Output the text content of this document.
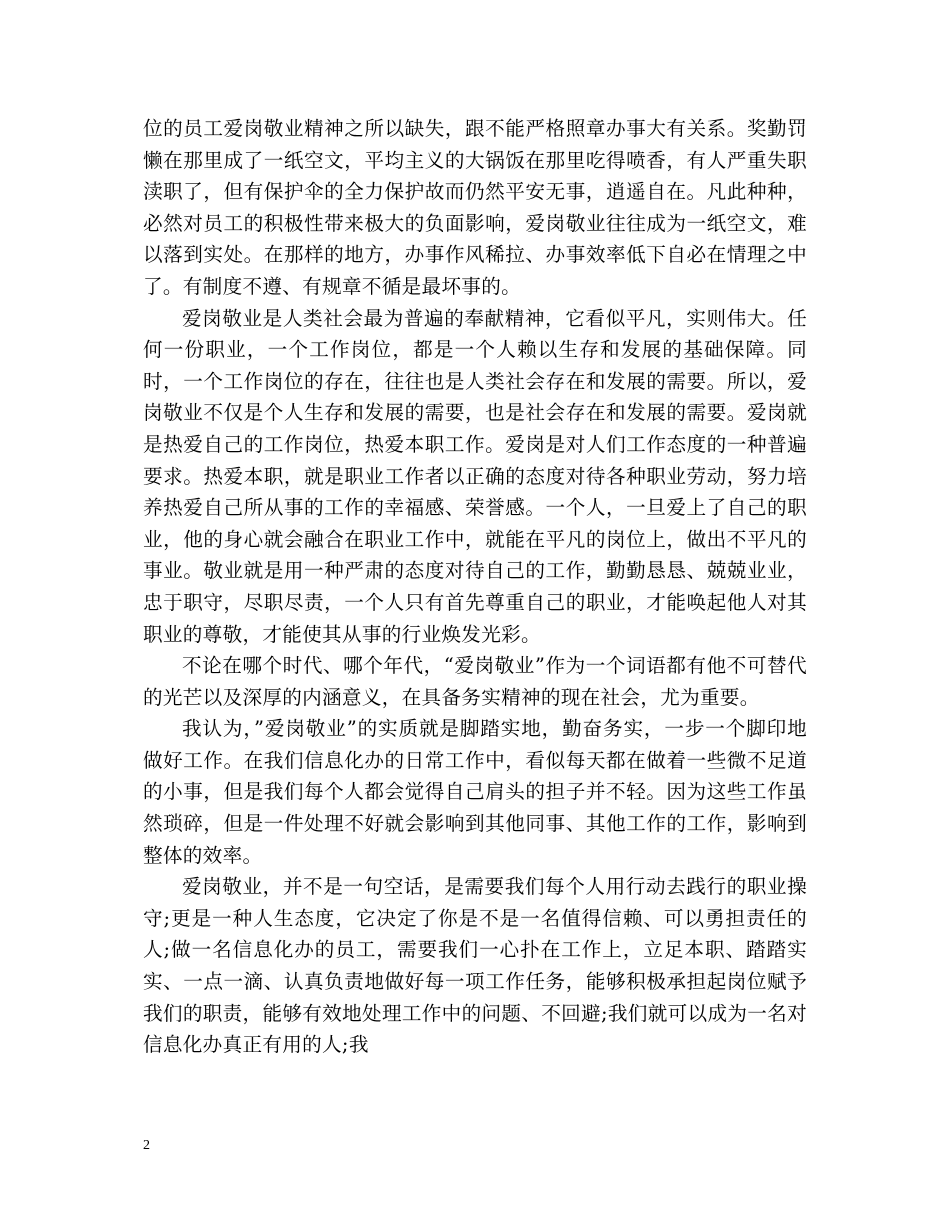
位的员工爱岗敬业精神之所以缺失，跟不能严格照章办事大有关系。奖勤罚懒在那里成了一纸空文，平均主义的大锅饭在那里吃得喷香，有人严重失职渎职了，但有保护伞的全力保护故而仍然平安无事，逍遥自在。凡此种种，必然对员工的积极性带来极大的负面影响，爱岗敬业往往成为一纸空文，难以落到实处。在那样的地方，办事作风稀拉、办事效率低下自必在情理之中了。有制度不遵、有规章不循是最坏事的。

爱岗敬业是人类社会最为普遍的奉献精神，它看似平凡，实则伟大。任何一份职业，一个工作岗位，都是一个人赖以生存和发展的基础保障。同时，一个工作岗位的存在，往往也是人类社会存在和发展的需要。所以，爱岗敬业不仅是个人生存和发展的需要，也是社会存在和发展的需要。爱岗就是热爱自己的工作岗位，热爱本职工作。爱岗是对人们工作态度的一种普遍要求。热爱本职，就是职业工作者以正确的态度对待各种职业劳动，努力培养热爱自己所从事的工作的幸福感、荣誉感。一个人，一旦爱上了自己的职业，他的身心就会融合在职业工作中，就能在平凡的岗位上，做出不平凡的事业。敬业就是用一种严肃的态度对待自己的工作，勤勤恳恳、兢兢业业，忠于职守，尽职尽责，一个人只有首先尊重自己的职业，才能唤起他人对其职业的尊敬，才能使其从事的行业焕发光彩。

不论在哪个时代、哪个年代，“爱岗敬业”作为一个词语都有他不可替代的光芒以及深厚的内涵意义，在具备务实精神的现在社会，尤为重要。

我认为，”爱岗敬业”的实质就是脚踏实地，勤奋务实，一步一个脚印地做好工作。在我们信息化办的日常工作中，看似每天都在做着一些微不足道的小事，但是我们每个人都会觉得自己肩头的担子并不轻。因为这些工作虽然琐碎，但是一件处理不好就会影响到其他同事、其他工作的工作，影响到整体的效率。

爱岗敬业，并不是一句空话，是需要我们每个人用行动去践行的职业操守;更是一种人生态度，它决定了你是不是一名值得信赖、可以勇担责任的人;做一名信息化办的员工，需要我们一心扑在工作上，立足本职、踏踏实实、一点一滴、认真负责地做好每一项工作任务，能够积极承担起岗位赋予我们的职责，能够有效地处理工作中的问题、不回避;我们就可以成为一名对信息化办真正有用的人;我

2
